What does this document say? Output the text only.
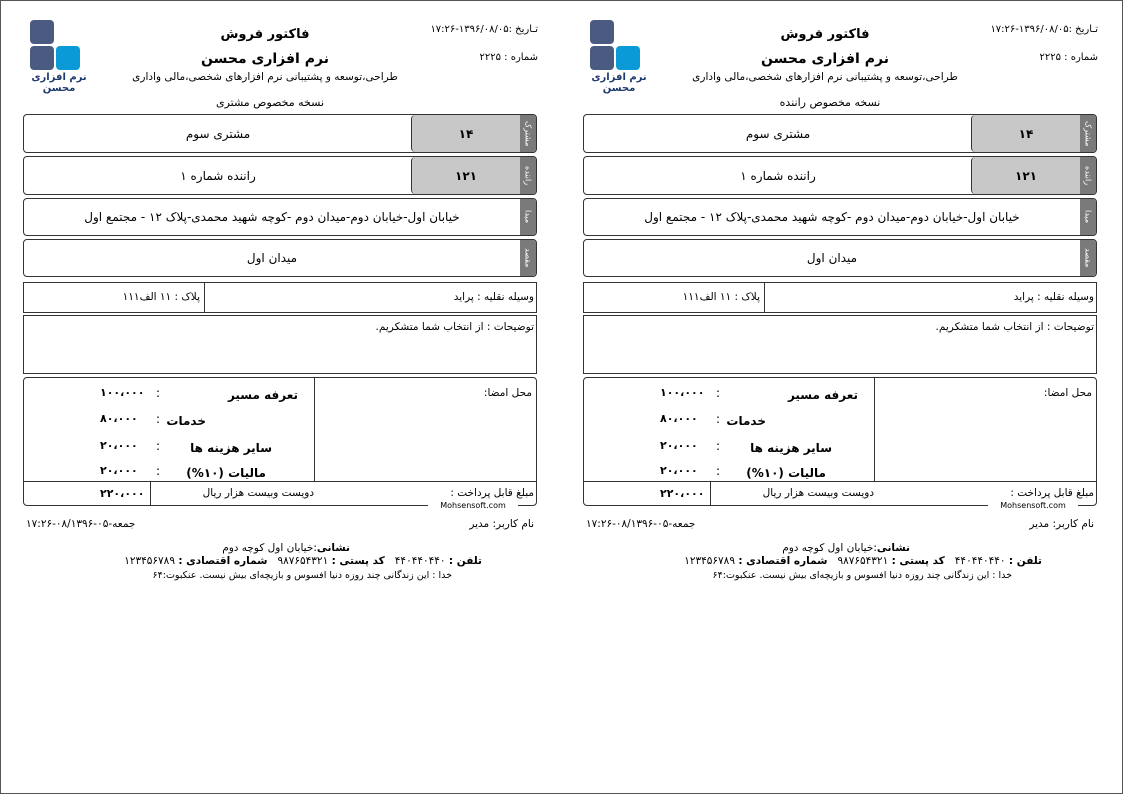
نرم افزاری محسن
فاکتور فروش
نرم افزاری محسن
طراحی،توسعه و پشتیبانی نرم افزارهای شخصی،مالی واداری
تـاریخ :۱۳۹۶/۰۸/۰۵-۱۷:۲۶
شماره : ۲۲۲۵
نسخه مخصوص مشتری
مشترک
۱۴
مشتری سوم
راننده
۱۲۱
راننده شماره ۱
مبدا
خیابان اول-خیابان دوم-میدان دوم -کوچه شهید محمدی-پلاک ۱۲ - مجتمع اول
مقصد
میدان اول
وسیله نقلیه : پراید
پلاک : ۱۱ الف۱۱۱
توضیحات : از انتخاب شما متشکریم.
محل امضا:
تعرفه مسیر
:
۱۰۰،۰۰۰
خدمات
:
۸۰،۰۰۰
سایر هزینه ها
:
۲۰،۰۰۰
مالیات (۱۰%)
:
۲۰،۰۰۰
مبلغ قابل پرداخت :
دویست وبیست هزار ریال
۲۲۰،۰۰۰
Mohsensoft.com
نام کاربر: مدیر
جمعه-۰۵-۰۸/۱۳۹۶-۱۷:۲۶
نشانی:خیابان اول کوچه دوم
تلفن : ۴۴۰۴۴۰۴۴۰   کد پستی : ۹۸۷۶۵۴۳۲۱   شماره اقتصادی : ۱۲۳۴۵۶۷۸۹
خدا : این زندگانی چند روزه دنیا افسوس و بازیچه‌ای بیش نیست. عنکبوت:۶۴
نرم افزاری محسن
فاکتور فروش
نرم افزاری محسن
طراحی،توسعه و پشتیبانی نرم افزارهای شخصی،مالی واداری
تـاریخ :۱۳۹۶/۰۸/۰۵-۱۷:۲۶
شماره : ۲۲۲۵
نسخه مخصوص راننده
مشترک
۱۴
مشتری سوم
راننده
۱۲۱
راننده شماره ۱
مبدا
خیابان اول-خیابان دوم-میدان دوم -کوچه شهید محمدی-پلاک ۱۲ - مجتمع اول
مقصد
میدان اول
وسیله نقلیه : پراید
پلاک : ۱۱ الف۱۱۱
توضیحات : از انتخاب شما متشکریم.
محل امضا:
تعرفه مسیر
:
۱۰۰،۰۰۰
خدمات
:
۸۰،۰۰۰
سایر هزینه ها
:
۲۰،۰۰۰
مالیات (۱۰%)
:
۲۰،۰۰۰
مبلغ قابل پرداخت :
دویست وبیست هزار ریال
۲۲۰،۰۰۰
Mohsensoft.com
نام کاربر: مدیر
جمعه-۰۵-۰۸/۱۳۹۶-۱۷:۲۶
نشانی:خیابان اول کوچه دوم
تلفن : ۴۴۰۴۴۰۴۴۰   کد پستی : ۹۸۷۶۵۴۳۲۱   شماره اقتصادی : ۱۲۳۴۵۶۷۸۹
خدا : این زندگانی چند روزه دنیا افسوس و بازیچه‌ای بیش نیست. عنکبوت:۶۴
